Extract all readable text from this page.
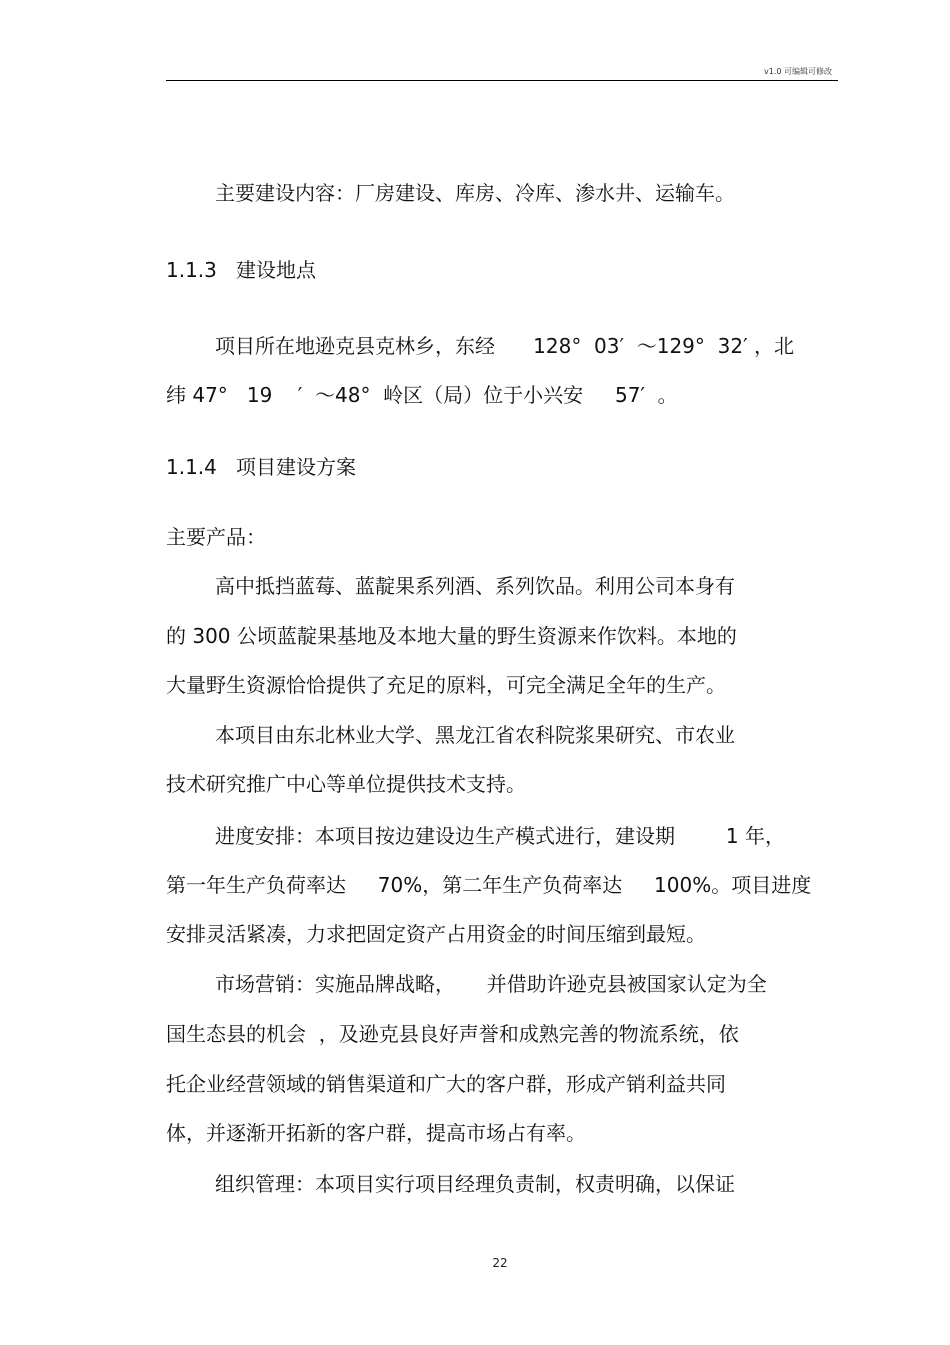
v1.0 可编辑可修改
主要建设内容：厂房建设、库房、冷库、渗水井、运输车。
1.1.3   建设地点
项目所在地逊克县克林乡，东经      128°  03′  ～129°  32′ ，北
纬 47°   19    ′  ～48°  岭区（局）位于小兴安     57′  。
1.1.4   项目建设方案
主要产品：
高中抵挡蓝莓、蓝靛果系列酒、系列饮品。利用公司本身有
的 300 公顷蓝靛果基地及本地大量的野生资源来作饮料。本地的
大量野生资源恰恰提供了充足的原料，可完全满足全年的生产。
本项目由东北林业大学、黑龙江省农科院浆果研究、市农业
技术研究推广中心等单位提供技术支持。
进度安排：本项目按边建设边生产模式进行，建设期        1 年，
第一年生产负荷率达     70%，第二年生产负荷率达     100%。项目进度
安排灵活紧凑，力求把固定资产占用资金的时间压缩到最短。
市场营销：实施品牌战略，     并借助许逊克县被国家认定为全
国生态县的机会  ，及逊克县良好声誉和成熟完善的物流系统，依
托企业经营领域的销售渠道和广大的客户群，形成产销利益共同
体，并逐渐开拓新的客户群，提高市场占有率。
组织管理：本项目实行项目经理负责制，权责明确，以保证
22
